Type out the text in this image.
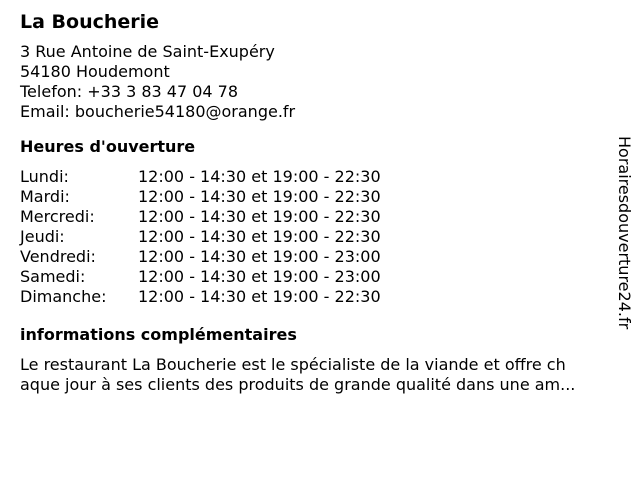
La Boucherie
3 Rue Antoine de Saint-Exupéry
54180 Houdemont
Telefon: +33 3 83 47 04 78
Email: boucherie54180@orange.fr
Heures d'ouverture
Lundi:	12:00 - 14:30 et 19:00 - 22:30
Mardi:	12:00 - 14:30 et 19:00 - 22:30
Mercredi:	12:00 - 14:30 et 19:00 - 22:30
Jeudi:	12:00 - 14:30 et 19:00 - 22:30
Vendredi:	12:00 - 14:30 et 19:00 - 23:00
Samedi:	12:00 - 14:30 et 19:00 - 23:00
Dimanche:	12:00 - 14:30 et 19:00 - 22:30
informations complémentaires
Le restaurant La Boucherie est le spécialiste de la viande et offre ch
aque jour à ses clients des produits de grande qualité dans une am...
Horairesdouverture24.fr
